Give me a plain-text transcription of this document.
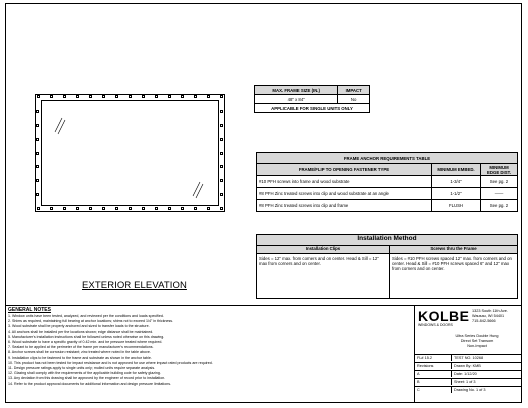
EXTERIOR ELEVATION
MAX. FRAME SIZE (IN.)	IMPACT
48" x 84"	No
APPLICABLE FOR SINGLE UNITS ONLY	
FRAME ANCHOR REQUIREMENTS TABLE		
FRAME/FLIP TO OPENING FASTENER TYPE	MINIMUM EMBED.	MINIMUM EDGE DIST.
#10 PFH screws into frame and wood substrate	1-3/4"	See pg. 2
#8 PFH Zinc treated screws into clip and wood substrate at an angle	1-1/2"	——
#8 PFH Zinc treated screws into clip and frame	FLUSH	See pg. 2
Installation Method	
Installation Clips	Screws thru the Frame
Sides = 12" max. from corners and on center. Head & Sill = 12" max from corners and on center.	Sides = #10 PFH screws spaced 12" max. from corners and on center. Head & Sill = #10 PFH screws spaced 6" and 12" max from corners and on center.
GENERAL NOTES
1. Window units have been tested, analyzed, and reviewed per the conditions and loads specified.
2. Shims as required, maintaining full bearing at anchor locations; shims not to exceed 1/4" in thickness.
3. Wood substrate shall be properly anchored and sized to transfer loads to the structure.
4. All anchors shall be installed per the locations shown; edge distance shall be maintained.
5. Manufacturer's installation instructions shall be followed unless noted otherwise on this drawing.
6. Wood substrate to have a specific gravity of 0.42 min. and be pressure treated where required.
7. Sealant to be applied at the perimeter of the frame per manufacturer's recommendations.
8. Anchor screws shall be corrosion resistant; zinc treated where noted in the table above.
9. Installation clips to be fastened to the frame and substrate as shown in the anchor table.
10. This product has not been tested for impact resistance and is not approved for use where impact rated products are required.
11. Design pressure ratings apply to single units only; mulled units require separate analysis.
12. Glazing shall comply with the requirements of the applicable building code for safety glazing.
13. Any deviation from this drawing shall be approved by the engineer of record prior to installation.
14. Refer to the product approval documents for additional information and design pressure limitations.
KOLBE
WINDOWS & DOORS
1323 South 11th Ave.
Wausau, WI 54401
715-842-5666
Ultra Series Double Hung
Direct Set Transom
Non-Impact
FL# 15.2	TEST NO. 10268
Revisions	Drawn By: KMB
A	Date: 1/12/20
B	Sheet: 1 of 3
C	Drawing No. 1 of 3
